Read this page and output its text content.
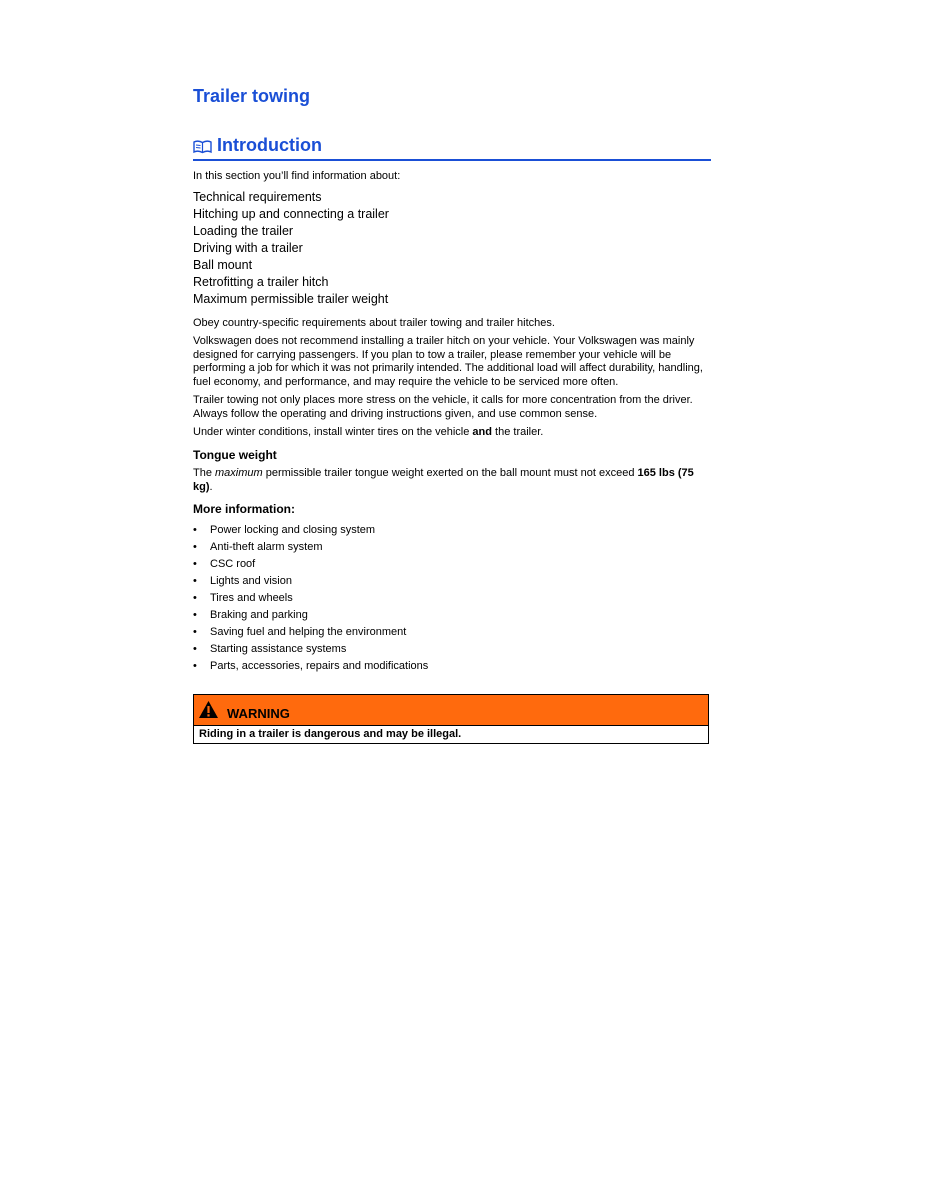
Trailer towing
Introduction

In this section you’ll find information about:

Technical requirements
Hitching up and connecting a trailer
Loading the trailer
Driving with a trailer
Ball mount
Retrofitting a trailer hitch
Maximum permissible trailer weight

Obey country-specific requirements about trailer towing and trailer hitches.

Volkswagen does not recommend installing a trailer hitch on your vehicle. Your Volkswagen was mainly designed for carrying passengers. If you plan to tow a trailer, please remember your vehicle will be performing a job for which it was not primarily intended. The additional load will affect durability, handling, fuel economy, and performance, and may require the vehicle to be serviced more often.

Trailer towing not only places more stress on the vehicle, it calls for more concentration from the driver. Always follow the operating and driving instructions given, and use common sense.

Under winter conditions, install winter tires on the vehicle and the trailer.

Tongue weight

The maximum permissible trailer tongue weight exerted on the ball mount must not exceed 165 lbs (75 kg).

More information:
• Power locking and closing system
• Anti-theft alarm system
• CSC roof
• Lights and vision
• Tires and wheels
• Braking and parking
• Saving fuel and helping the environment
• Starting assistance systems
• Parts, accessories, repairs and modifications
WARNING
Riding in a trailer is dangerous and may be illegal.
